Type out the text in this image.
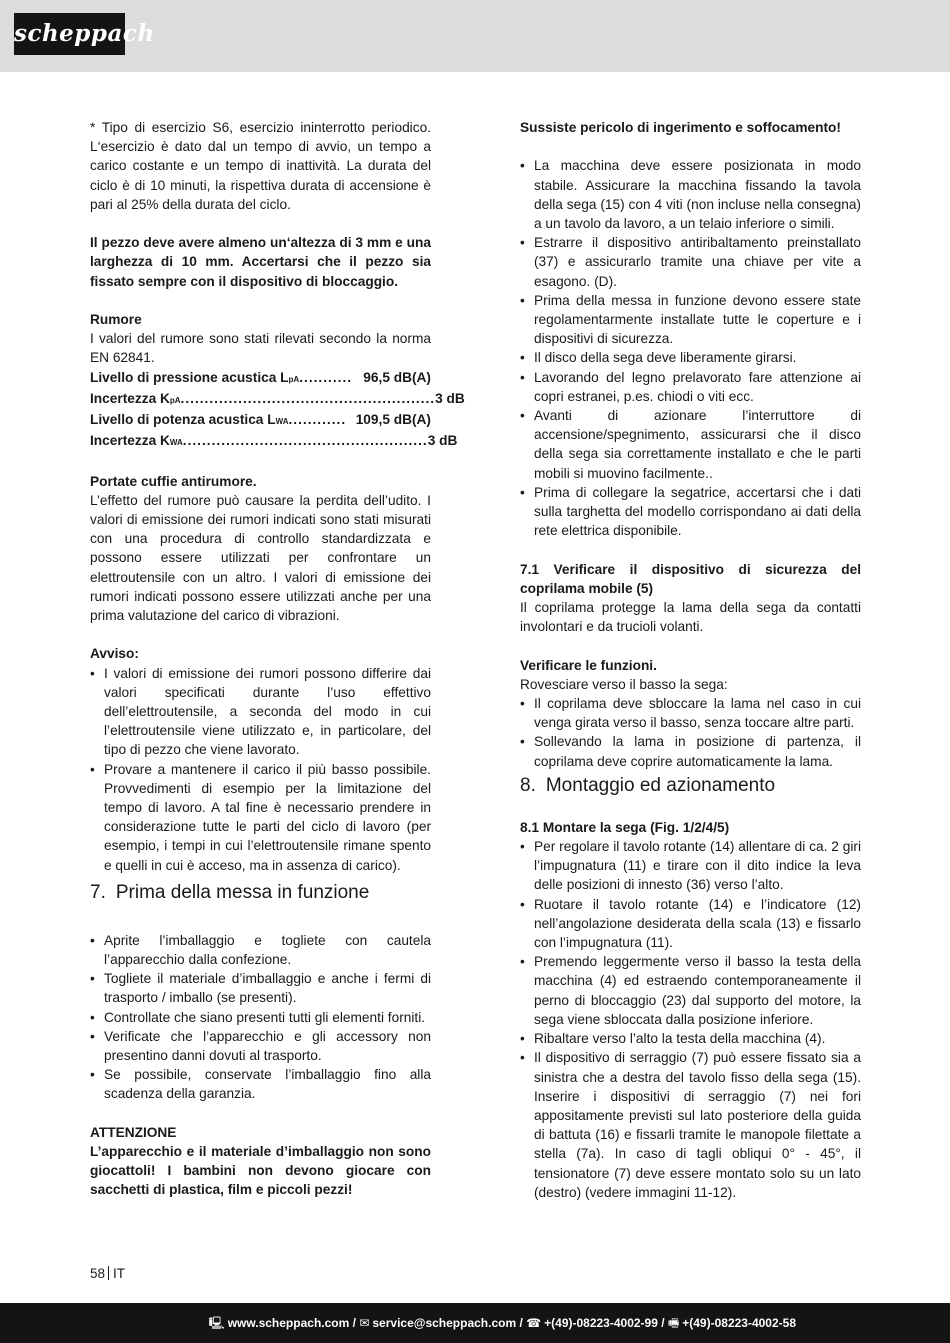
scheppach

* Tipo di esercizio S6, esercizio ininterrotto periodico. L‘esercizio è dato dal un tempo di avvio, un tempo a carico costante e un tempo di inattività. La durata del ciclo è di 10 minuti, la rispettiva durata di accensione è pari al 25% della durata del ciclo.

Il pezzo deve avere almeno un‘altezza di 3 mm e una larghezza di 10 mm. Accertarsi che il pezzo sia fissato sempre con il dispositivo di bloccaggio.

Rumore

I valori del rumore sono stati rilevati secondo la norma EN 62841.

Livello di pressione acustica L pA ........... 96,5 dB(A)
Incertezza K pA ..................................................... 3 dB
Livello di potenza acustica L WA ............ 109,5 dB(A)
Incertezza K WA ................................................... 3 dB

Portate cuffie antirumore.

L’effetto del rumore può causare la perdita dell’udito. I valori di emissione dei rumori indicati sono stati misurati con una procedura di controllo standardizzata e possono essere utilizzati per confrontare un elettroutensile con un altro. I valori di emissione dei rumori indicati possono essere utilizzati anche per una prima valutazione del carico di vibrazioni.

Avviso:

• I valori di emissione dei rumori possono differire dai valori specificati durante l’uso effettivo dell’elettroutensile, a seconda del modo in cui l’elettroutensile viene utilizzato e, in particolare, del tipo di pezzo che viene lavorato.
• Provare a mantenere il carico il più basso possibile. Provvedimenti di esempio per la limitazione del tempo di lavoro. A tal fine è necessario prendere in considerazione tutte le parti del ciclo di lavoro (per esempio, i tempi in cui l’elettroutensile rimane spento e quelli in cui è acceso, ma in assenza di carico).
7. Prima della messa in funzione
• Aprite l’imballaggio e togliete con cautela l’apparecchio dalla confezione.
• Togliete il materiale d’imballaggio e anche i fermi di trasporto / imballo (se presenti).
• Controllate che siano presenti tutti gli elementi forniti.
• Verificate che l’apparecchio e gli accessory non presentino danni dovuti al trasporto.
• Se possibile, conservate l’imballaggio fino alla scadenza della garanzia.

ATTENZIONE

L’apparecchio e il materiale d’imballaggio non sono giocattoli! I bambini non devono giocare con sacchetti di plastica, film e piccoli pezzi!

Sussiste pericolo di ingerimento e soffocamento!

• La macchina deve essere posizionata in modo stabile. Assicurare la macchina fissando la tavola della sega (15) con 4 viti (non incluse nella consegna) a un tavolo da lavoro, a un telaio inferiore o simili.
• Estrarre il dispositivo antiribaltamento preinstallato (37) e assicurarlo tramite una chiave per vite a esagono. (D).
• Prima della messa in funzione devono essere state regolamentarmente installate tutte le coperture e i dispositivi di sicurezza.
• Il disco della sega deve liberamente girarsi.
• Lavorando del legno prelavorato fare attenzione ai copri estranei, p.es. chiodi o viti ecc.
• Avanti di azionare l’interruttore di accensione/spegnimento, assicurarsi che il disco della sega sia correttamente installato e che le parti mobili si muovino facilmente..
• Prima di collegare la segatrice, accertarsi che i dati sulla targhetta del modello corrispondano ai dati della rete elettrica disponibile.

7.1 Verificare il dispositivo di sicurezza del coprilama mobile (5)

Il coprilama protegge la lama della sega da contatti involontari e da trucioli volanti.

Verificare le funzioni.

Rovesciare verso il basso la sega:

• Il coprilama deve sbloccare la lama nel caso in cui venga girata verso il basso, senza toccare altre parti.
• Sollevando la lama in posizione di partenza, il coprilama deve coprire automaticamente la lama.
8. Montaggio ed azionamento

8.1 Montare la sega (Fig. 1/2/4/5)

• Per regolare il tavolo rotante (14) allentare di ca. 2 giri l’impugnatura (11) e tirare con il dito indice la leva delle posizioni di innesto (36) verso l’alto.
• Ruotare il tavolo rotante (14) e l’indicatore (12) nell’angolazione desiderata della scala (13) e fissarlo con l’impugnatura (11).
• Premendo leggermente verso il basso la testa della macchina (4) ed estraendo contemporaneamente il perno di bloccaggio (23) dal supporto del motore, la sega viene sbloccata dalla posizione inferiore.
• Ribaltare verso l’alto la testa della macchina (4).
• Il dispositivo di serraggio (7) può essere fissato sia a sinistra che a destra del tavolo fisso della sega (15). Inserire i dispositivi di serraggio (7) nei fori appositamente previsti sul lato posteriore della guida di battuta (16) e fissarli tramite le manopole filettate a stella (7a). In caso di tagli obliqui 0° - 45°, il tensionatore (7) deve essere montato solo su un lato (destro) (vedere immagini 11-12).
58 IT
🖳 www.scheppach.com / ✉ service@scheppach.com / ☎ +(49)-08223-4002-99 / 🖷 +(49)-08223-4002-58
